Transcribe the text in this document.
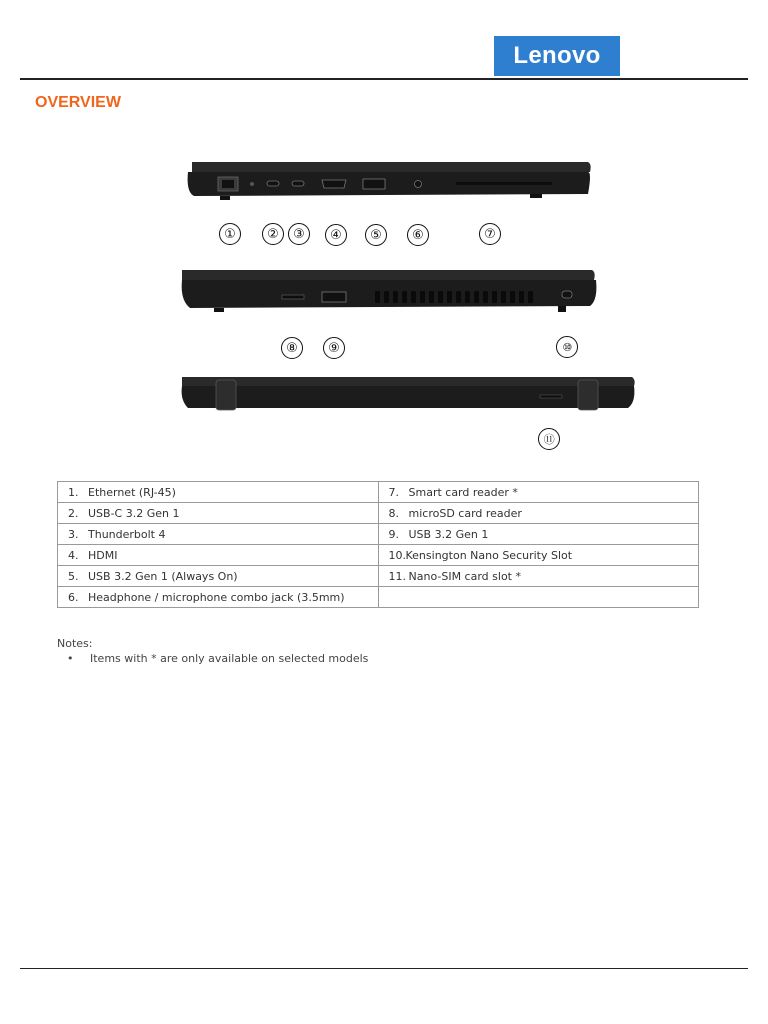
Lenovo
OVERVIEW
①	②	③	④	⑤	⑥	⑦
⑧	⑨	⑩
⑪
1. Ethernet (RJ-45)	7. Smart card reader *
2. USB-C 3.2 Gen 1	8. microSD card reader
3. Thunderbolt 4	9. USB 3.2 Gen 1
4. HDMI	10.Kensington Nano Security Slot
5. USB 3.2 Gen 1 (Always On)	11. Nano-SIM card slot *
6. Headphone / microphone combo jack (3.5mm)	
Notes:
• Items with * are only available on selected models
